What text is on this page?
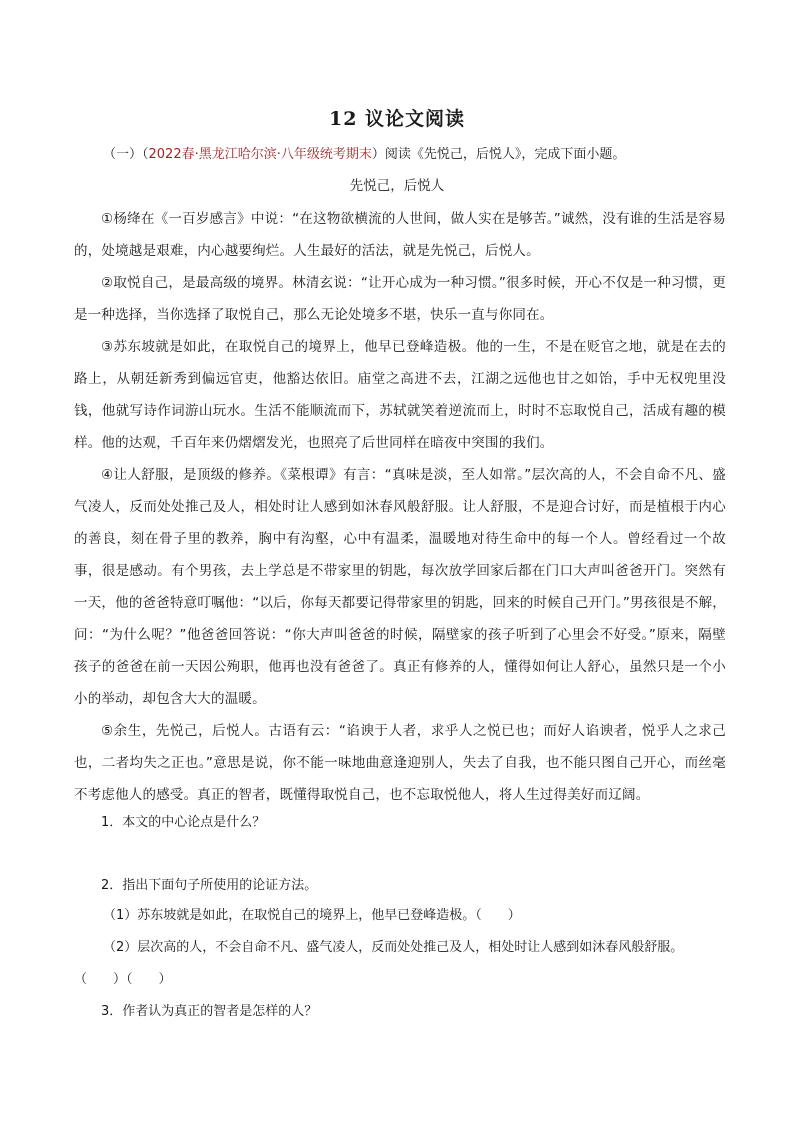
12 议论文阅读
（一）（2022春·黑龙江哈尔滨·八年级统考期末）阅读《先悦己，后悦人》，完成下面小题。
先悦己，后悦人

①杨绛在《一百岁感言》中说：“在这物欲横流的人世间，做人实在是够苦。”诚然，没有谁的生活是容易的，处境越是艰难，内心越要绚烂。人生最好的活法，就是先悦己，后悦人。

②取悦自己，是最高级的境界。林清玄说：“让开心成为一种习惯。”很多时候，开心不仅是一种习惯，更是一种选择，当你选择了取悦自己，那么无论处境多不堪，快乐一直与你同在。

③苏东坡就是如此，在取悦自己的境界上，他早已登峰造极。他的一生，不是在贬官之地，就是在去的路上，从朝廷新秀到偏远官吏，他豁达依旧。庙堂之高进不去，江湖之远他也甘之如饴，手中无权兜里没钱，他就写诗作词游山玩水。生活不能顺流而下，苏轼就笑着逆流而上，时时不忘取悦自己，活成有趣的模样。他的达观，千百年来仍熠熠发光，也照亮了后世同样在暗夜中突围的我们。

④让人舒服，是顶级的修养。《菜根谭》有言：“真味是淡，至人如常。”层次高的人，不会自命不凡、盛气凌人，反而处处推己及人，相处时让人感到如沐春风般舒服。让人舒服，不是迎合讨好，而是植根于内心的善良，刻在骨子里的教养，胸中有沟壑，心中有温柔，温暖地对待生命中的每一个人。曾经看过一个故事，很是感动。有个男孩，去上学总是不带家里的钥匙，每次放学回家后都在门口大声叫爸爸开门。突然有一天，他的爸爸特意叮嘱他：“以后，你每天都要记得带家里的钥匙，回来的时候自己开门。”男孩很是不解，问：“为什么呢？”他爸爸回答说：“你大声叫爸爸的时候，隔壁家的孩子听到了心里会不好受。”原来，隔壁孩子的爸爸在前一天因公殉职，他再也没有爸爸了。真正有修养的人，懂得如何让人舒心，虽然只是一个小小的举动，却包含大大的温暖。

⑤余生，先悦己，后悦人。古语有云：“谄谀于人者，求乎人之悦已也；而好人谄谀者，悦乎人之求己也，二者均失之正也。”意思是说，你不能一味地曲意逢迎别人，失去了自我，也不能只图自己开心，而丝毫不考虑他人的感受。真正的智者，既懂得取悦自己，也不忘取悦他人，将人生过得美好而辽阔。

1．本文的中心论点是什么？
2．指出下面句子所使用的论证方法。
（1）苏东坡就是如此，在取悦自己的境界上，他早已登峰造极。（　　）
（2）层次高的人，不会自命不凡、盛气凌人，反而处处推己及人，相处时让人感到如沐春风般舒服。
（　　）（　　）
3．作者认为真正的智者是怎样的人？
